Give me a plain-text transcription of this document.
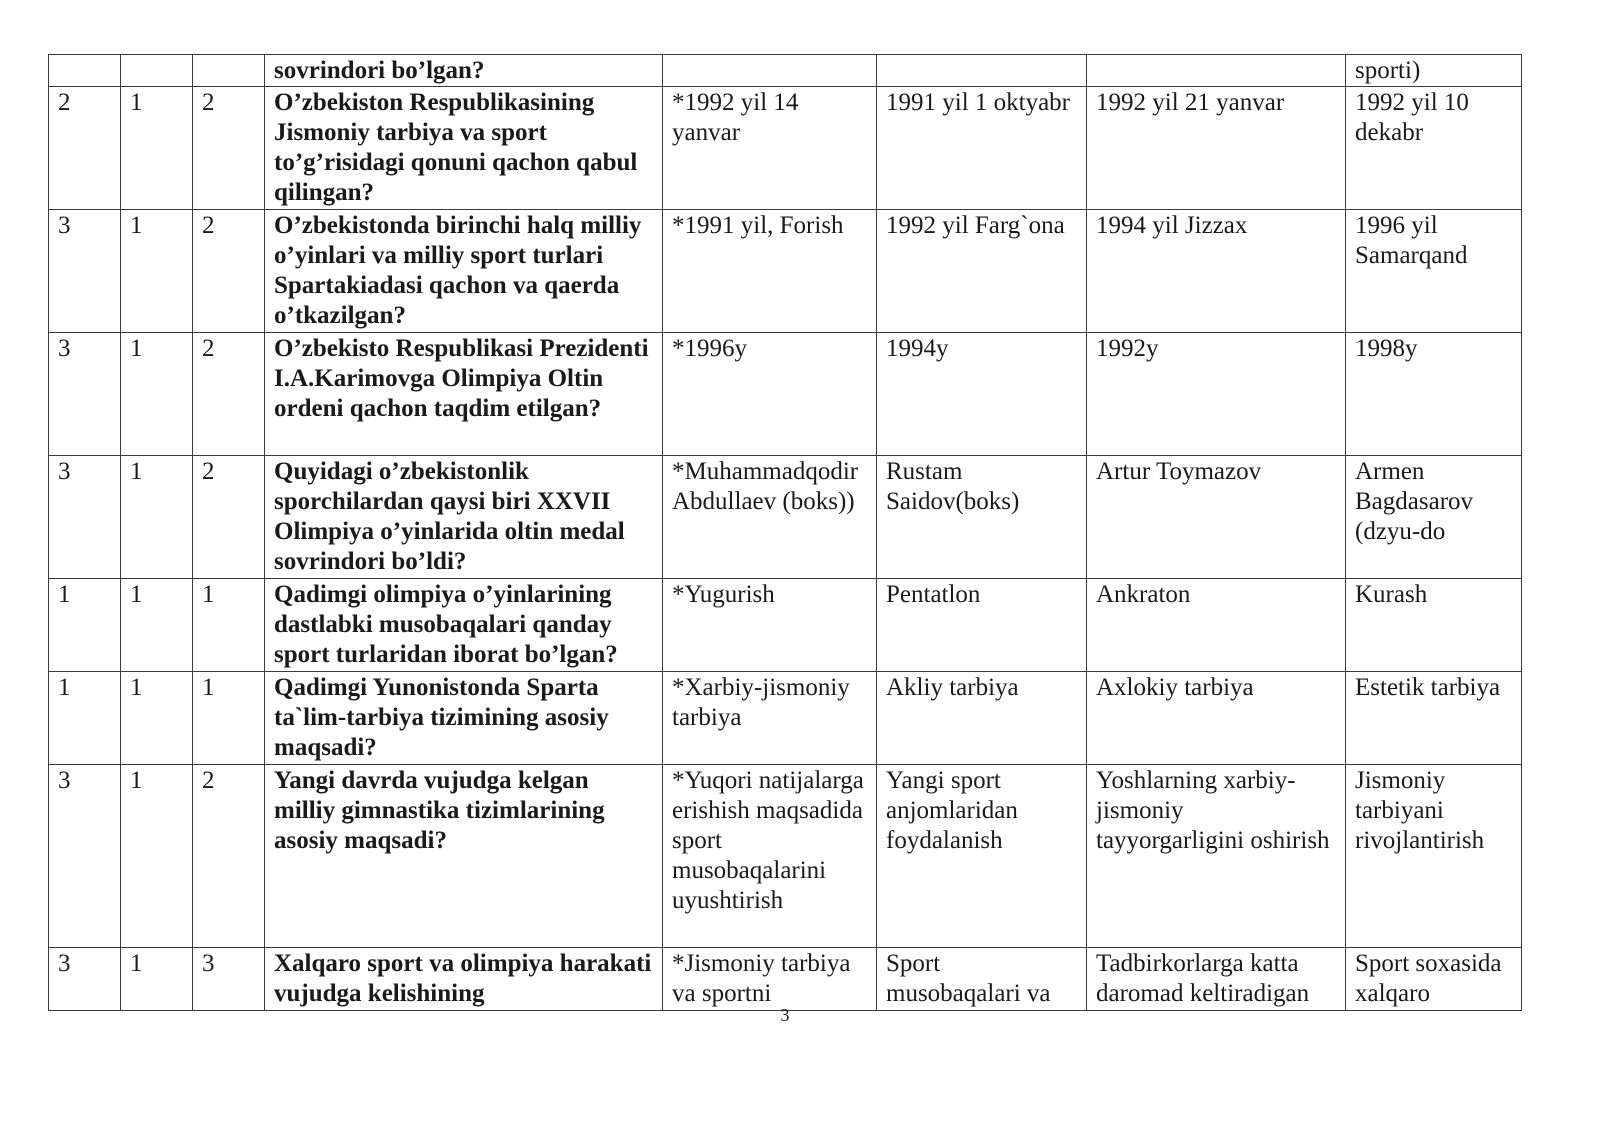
			sovrindori bo’lgan?				sporti)
2	1	2	O’zbekiston Respublikasining Jismoniy tarbiya va sport to’g’risidagi qonuni qachon qabul qilingan?	*1992 yil 14 yanvar	1991 yil 1 oktyabr	1992 yil 21 yanvar	1992 yil 10 dekabr
3	1	2	O’zbekistonda birinchi halq milliy o’yinlari va milliy sport turlari Spartakiadasi qachon va qaerda o’tkazilgan?	*1991 yil, Forish	1992 yil Farg`ona	1994 yil Jizzax	1996 yil Samarqand
3	1	2	O’zbekisto Respublikasi Prezidenti I.A.Karimovga Olimpiya Oltin ordeni qachon taqdim etilgan?	*1996y	1994y	1992y	1998y
3	1	2	Quyidagi o’zbekistonlik sporchilardan qaysi biri XXVII Olimpiya o’yinlarida oltin medal sovrindori bo’ldi?	*Muhammadqodir Abdullaev (boks))	Rustam Saidov(boks)	Artur Toymazov	Armen Bagdasarov (dzyu-do
1	1	1	Qadimgi olimpiya o’yinlarining dastlabki musobaqalari qanday sport turlaridan iborat bo’lgan?	*Yugurish	Pentatlon	Ankraton	Kurash
1	1	1	Qadimgi Yunonistonda Sparta ta`lim-tarbiya tizimining asosiy maqsadi?	*Xarbiy-jismoniy tarbiya	Akliy tarbiya	Axlokiy tarbiya	Estetik tarbiya
3	1	2	Yangi davrda vujudga kelgan milliy gimnastika tizimlarining asosiy maqsadi?	*Yuqori natijalarga erishish maqsadida sport musobaqalarini uyushtirish	Yangi sport anjomlaridan foydalanish	Yoshlarning xarbiy-jismoniy tayyorgarligini oshirish	Jismoniy tarbiyani rivojlantirish
3	1	3	Xalqaro sport va olimpiya harakati vujudga kelishining	*Jismoniy tarbiya va sportni	Sport musobaqalari va	Tadbirkorlarga katta daromad keltiradigan	Sport soxasida xalqaro
3
